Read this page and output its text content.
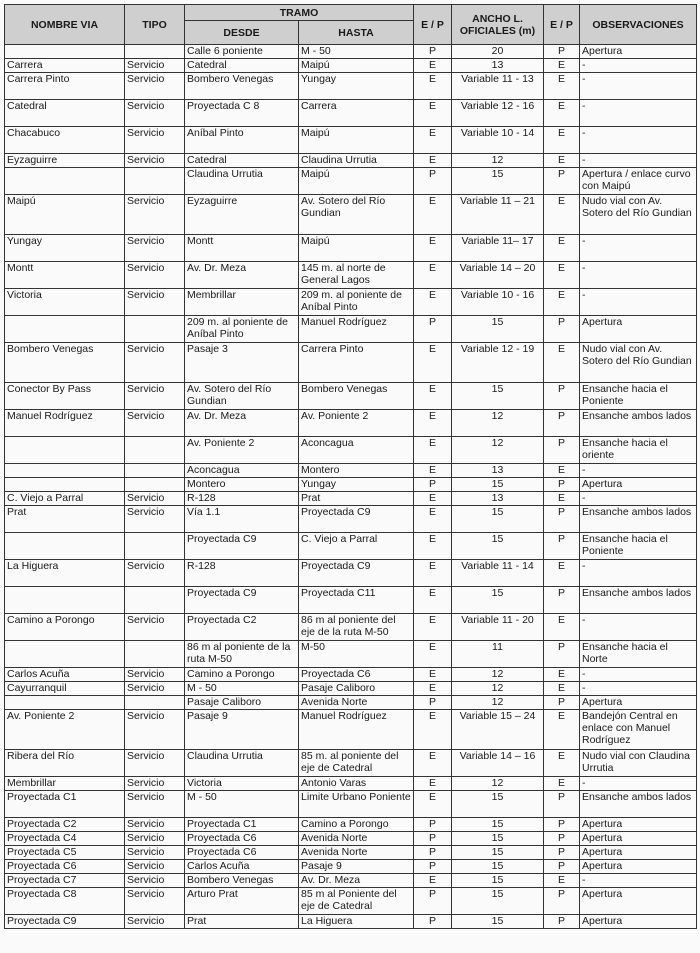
NOMBRE VIA	TIPO	TRAMO		E / P	ANCHO L. OFICIALES (m)	E / P	OBSERVACIONES
		DESDE	HASTA				
		Calle 6 poniente	M - 50	P	20	P	Apertura
Carrera	Servicio	Catedral	Maipú	E	13	E	-
Carrera Pinto	Servicio	Bombero Venegas	Yungay	E	Variable 11 - 13	E	-
Catedral	Servicio	Proyectada C 8	Carrera	E	Variable 12 - 16	E	-
Chacabuco	Servicio	Aníbal Pinto	Maipú	E	Variable 10 - 14	E	-
Eyzaguirre	Servicio	Catedral	Claudina Urrutia	E	12	E	-
		Claudina Urrutia	Maipú	P	15	P	Apertura / enlace curvo con Maipú
Maipú	Servicio	Eyzaguirre	Av. Sotero del Río Gundian	E	Variable 11 – 21	E	Nudo vial con Av. Sotero del Río Gundian
Yungay	Servicio	Montt	Maipú	E	Variable 11– 17	E	-
Montt	Servicio	Av. Dr. Meza	145 m. al norte de General Lagos	E	Variable 14 – 20	E	-
Victoria	Servicio	Membrillar	209 m. al poniente de Aníbal Pinto	E	Variable 10 - 16	E	-
		209 m. al poniente de Aníbal Pinto	Manuel Rodríguez	P	15	P	Apertura
Bombero Venegas	Servicio	Pasaje 3	Carrera Pinto	E	Variable 12 - 19	E	Nudo vial con Av. Sotero del Río Gundian
Conector By Pass	Servicio	Av. Sotero del Río Gundian	Bombero Venegas	E	15	P	Ensanche hacia el Poniente
Manuel Rodríguez	Servicio	Av. Dr. Meza	Av. Poniente 2	E	12	P	Ensanche ambos lados
		Av. Poniente 2	Aconcagua	E	12	P	Ensanche hacia el oriente
		Aconcagua	Montero	E	13	E	-
		Montero	Yungay	P	15	P	Apertura
C. Viejo a Parral	Servicio	R-128	Prat	E	13	E	-
Prat	Servicio	Vía 1.1	Proyectada C9	E	15	P	Ensanche ambos lados
		Proyectada C9	C. Viejo a Parral	E	15	P	Ensanche hacia el Poniente
La Higuera	Servicio	R-128	Proyectada C9	E	Variable 11 - 14	E	-
		Proyectada C9	Proyectada C11	E	15	P	Ensanche ambos lados
Camino a Porongo	Servicio	Proyectada C2	86 m al poniente del eje de la ruta M-50	E	Variable 11 - 20	E	-
		86 m al poniente de la ruta M-50	M-50	E	11	P	Ensanche hacia el Norte
Carlos Acuña	Servicio	Camino a Porongo	Proyectada C6	E	12	E	-
Cayurranquil	Servicio	M - 50	Pasaje Caliboro	E	12	E	-
		Pasaje Caliboro	Avenida Norte	P	12	P	Apertura
Av. Poniente 2	Servicio	Pasaje 9	Manuel Rodríguez	E	Variable 15 – 24	E	Bandejón Central en enlace con Manuel Rodríguez
Ribera del Río	Servicio	Claudina Urrutia	85 m. al poniente del eje de Catedral	E	Variable 14 – 16	E	Nudo vial con Claudina Urrutia
Membrillar	Servicio	Victoria	Antonio Varas	E	12	E	-
Proyectada C1	Servicio	M - 50	Limite Urbano Poniente	E	15	P	Ensanche ambos lados
Proyectada C2	Servicio	Proyectada C1	Camino a Porongo	P	15	P	Apertura
Proyectada C4	Servicio	Proyectada C6	Avenida Norte	P	15	P	Apertura
Proyectada C5	Servicio	Proyectada C6	Avenida Norte	P	15	P	Apertura
Proyectada C6	Servicio	Carlos Acuña	Pasaje 9	P	15	P	Apertura
Proyectada C7	Servicio	Bombero Venegas	Av. Dr. Meza	E	15	E	-
Proyectada C8	Servicio	Arturo Prat	85 m al Poniente del eje de Catedral	P	15	P	Apertura
Proyectada C9	Servicio	Prat	La Higuera	P	15	P	Apertura
